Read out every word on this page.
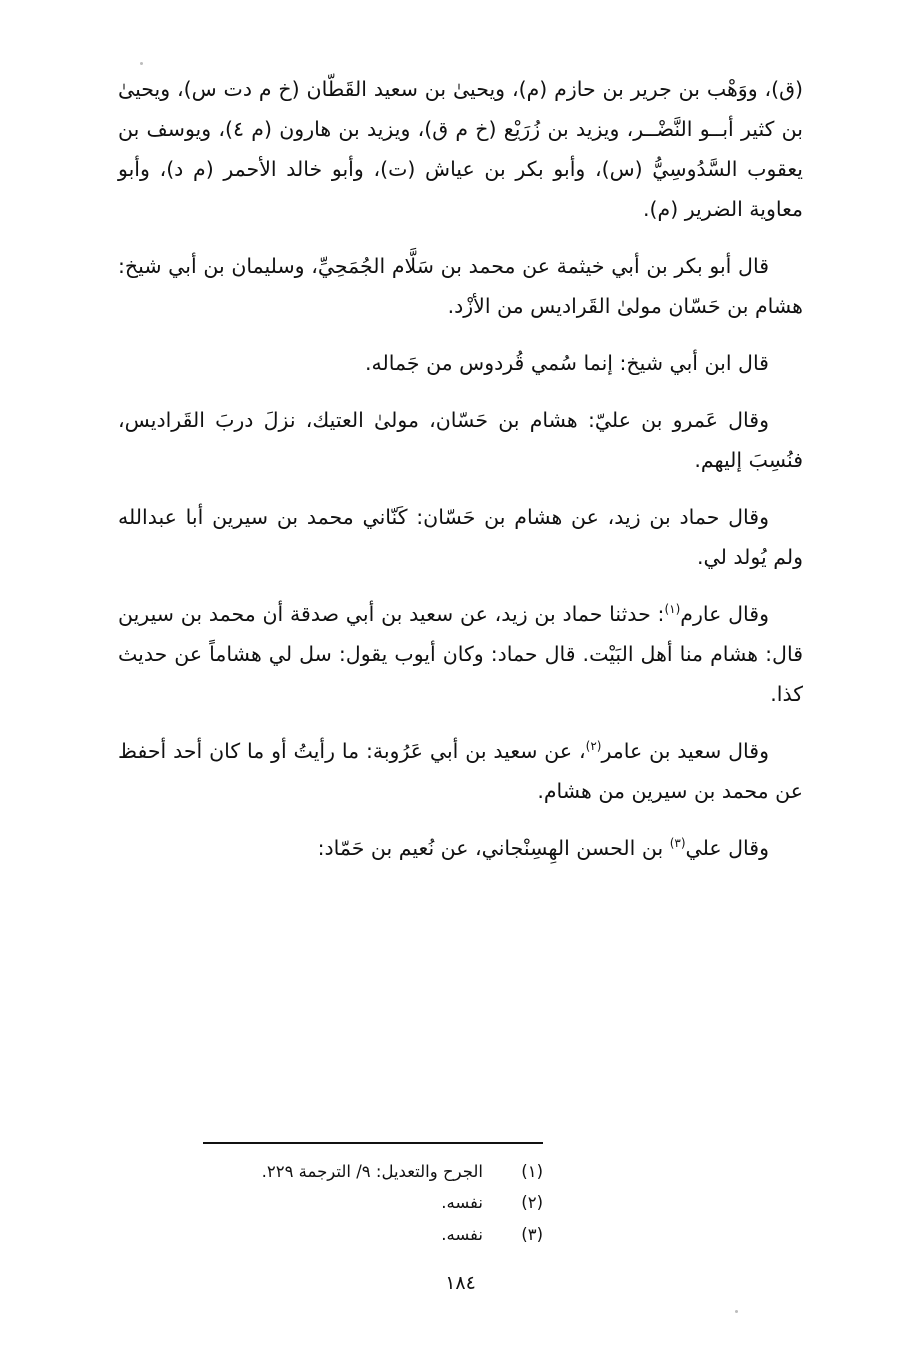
(ق)، ووَهْب بن جرير بن حازم (م)، ويحيىٰ بن سعيد القَطّان (خ م دت س)، ويحيىٰ بن كثير أبــو النَّضْــر، ويزيد بن زُرَيْع (خ م ق)، ويزيد بن هارون (م ٤)، ويوسف بن يعقوب السَّدُوسِيُّ (س)، وأبو بكر بن عياش (ت)، وأبو خالد الأحمر (م د)، وأبو معاوية الضرير (م).

قال أبو بكر بن أبي خيثمة عن محمد بن سَلَّام الجُمَحِيِّ، وسليمان بن أبي شيخ: هشام بن حَسّان مولىٰ القَراديس من الأزْد.

قال ابن أبي شيخ: إنما سُمي قُردوس من جَماله.

وقال عَمرو بن عليّ: هشام بن حَسّان، مولىٰ العتيك، نزلَ دربَ القَراديس، فنُسِبَ إليهم.

وقال حماد بن زيد، عن هشام بن حَسّان: كَنّاني محمد بن سيرين أبا عبدالله ولم يُولد لي.

وقال عارم$^{(١)}$: حدثنا حماد بن زيد، عن سعيد بن أبي صدقة أن محمد بن سيرين قال: هشام منا أهل البَيْت. قال حماد: وكان أيوب يقول: سل لي هشاماً عن حديث كذا.

وقال سعيد بن عامر$^{(٢)}$، عن سعيد بن أبي عَرُوبة: ما رأيتُ أو ما كان أحد أحفظ عن محمد بن سيرين من هشام.

وقال علي$^{(٣)}$ بن الحسن الهِسِنْجاني، عن نُعيم بن حَمّاد:

(١)
الجرح والتعديل: ٩/ الترجمة ٢٢٩.
(٢)
نفسه.
(٣)
نفسه.
١٨٤
